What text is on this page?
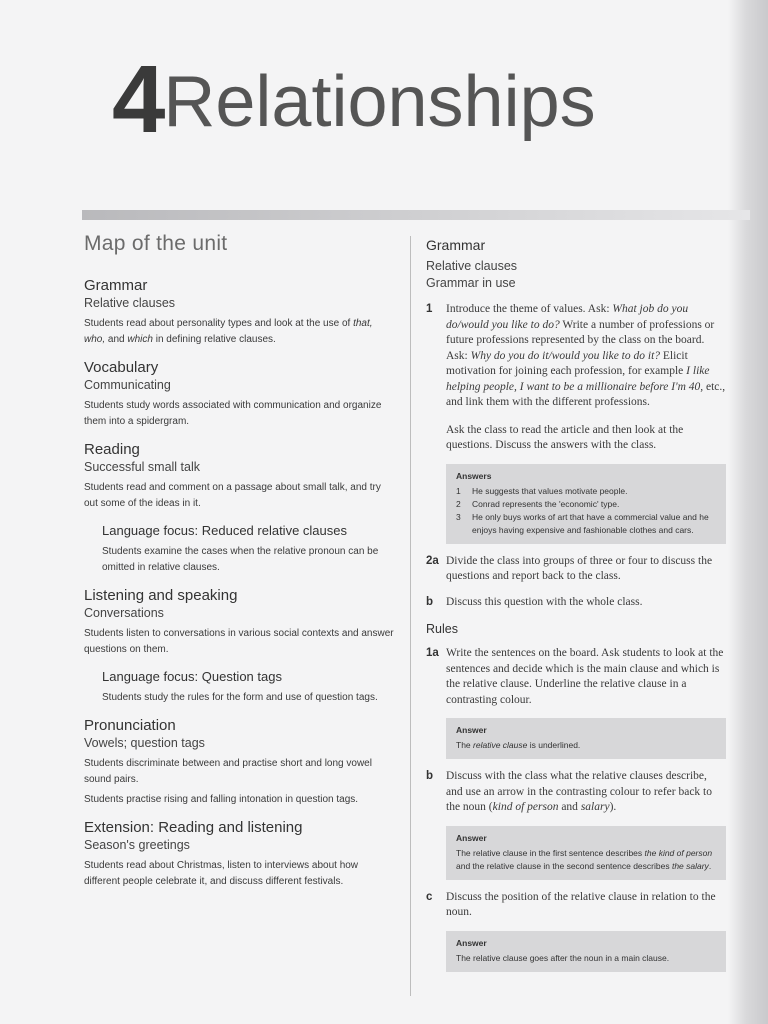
4 Relationships
Map of the unit
Grammar
Relative clauses

Students read about personality types and look at the use of that, who, and which in defining relative clauses.

Vocabulary
Communicating

Students study words associated with communication and organize them into a spidergram.

Reading
Successful small talk

Students read and comment on a passage about small talk, and try out some of the ideas in it.

Language focus: Reduced relative clauses

Students examine the cases when the relative pronoun can be omitted in relative clauses.

Listening and speaking
Conversations

Students listen to conversations in various social contexts and answer questions on them.

Language focus: Question tags

Students study the rules for the form and use of question tags.

Pronunciation
Vowels; question tags

Students discriminate between and practise short and long vowel sound pairs.

Students practise rising and falling intonation in question tags.

Extension: Reading and listening
Season's greetings

Students read about Christmas, listen to interviews about how different people celebrate it, and discuss different festivals.

Grammar
Relative clauses
Grammar in use
1 Introduce the theme of values. Ask: What job do you do/would you like to do? Write a number of professions or future professions represented by the class on the board. Ask: Why do you do it/would you like to do it? Elicit motivation for joining each profession, for example I like helping people, I want to be a millionaire before I'm 40, etc., and link them with the different professions.

Ask the class to read the article and then look at the questions. Discuss the answers with the class.

Answers
1 He suggests that values motivate people.
2 Conrad represents the 'economic' type.
3 He only buys works of art that have a commercial value and he enjoys having expensive and fashionable clothes and cars.
2a Divide the class into groups of three or four to discuss the questions and report back to the class.
b Discuss this question with the whole class.
Rules
1a Write the sentences on the board. Ask students to look at the sentences and decide which is the main clause and which is the relative clause. Underline the relative clause in a contrasting colour.
Answer
The relative clause is underlined.
b Discuss with the class what the relative clauses describe, and use an arrow in the contrasting colour to refer back to the noun (kind of person and salary).
Answer
The relative clause in the first sentence describes the kind of person and the relative clause in the second sentence describes the salary.
c Discuss the position of the relative clause in relation to the noun.
Answer
The relative clause goes after the noun in a main clause.
